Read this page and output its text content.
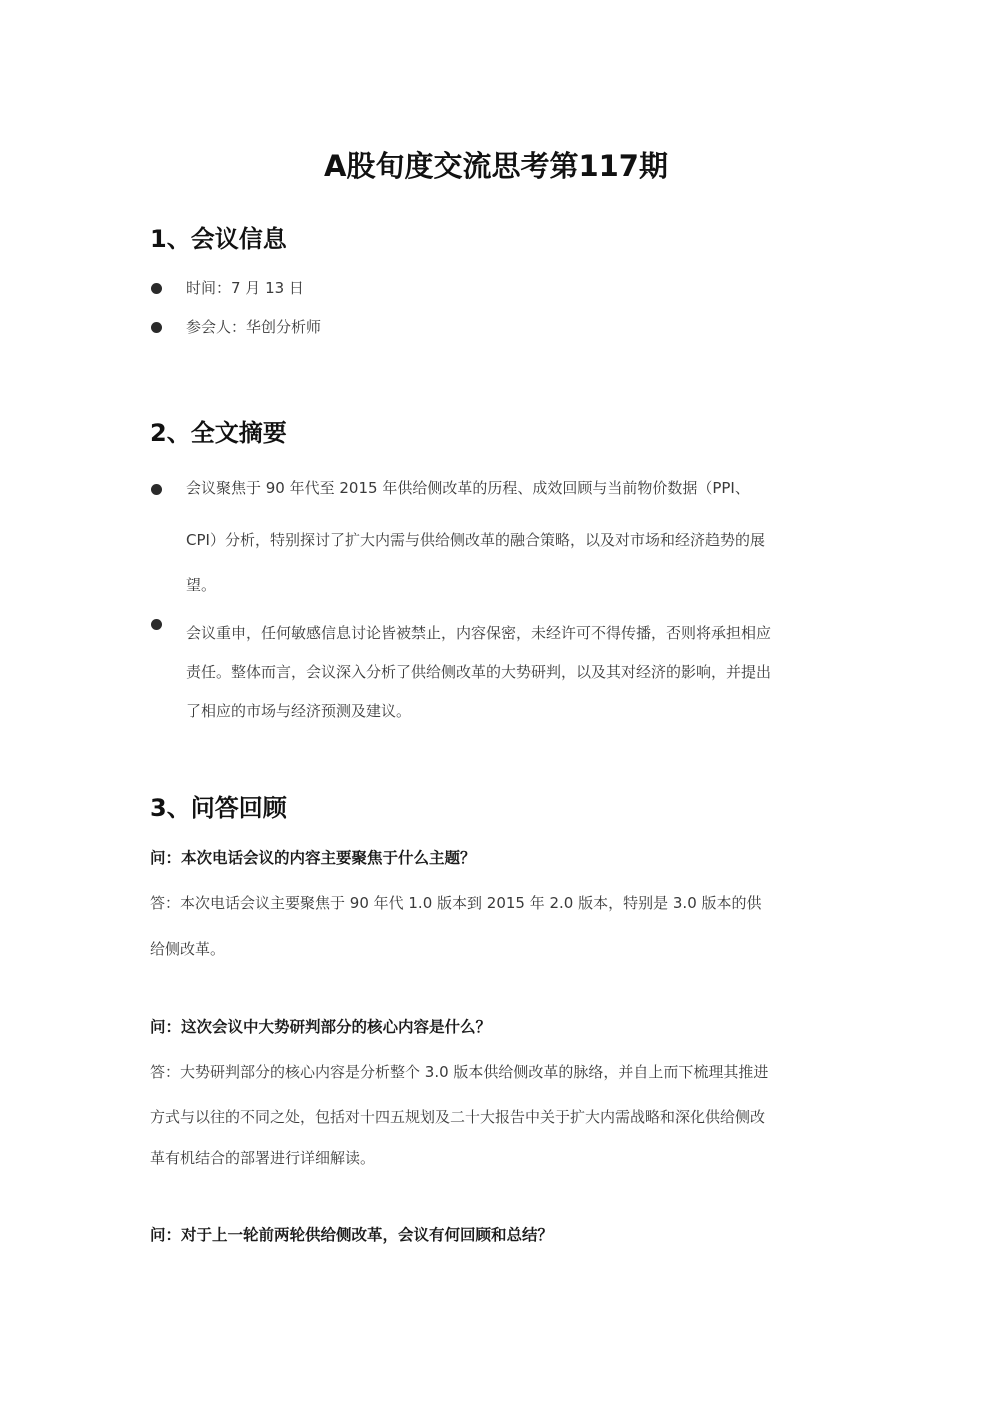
A股旬度交流思考第117期
1、会议信息
时间：7 月 13 日
参会人：华创分析师
2、全文摘要
会议聚焦于 90 年代至 2015 年供给侧改革的历程、成效回顾与当前物价数据（PPI、
CPI）分析，特别探讨了扩大内需与供给侧改革的融合策略，以及对市场和经济趋势的展
望。
会议重申，任何敏感信息讨论皆被禁止，内容保密，未经许可不得传播，否则将承担相应
责任。整体而言，会议深入分析了供给侧改革的大势研判，以及其对经济的影响，并提出
了相应的市场与经济预测及建议。
3、问答回顾
问：本次电话会议的内容主要聚焦于什么主题？
答：本次电话会议主要聚焦于 90 年代 1.0 版本到 2015 年 2.0 版本，特别是 3.0 版本的供
给侧改革。
问：这次会议中大势研判部分的核心内容是什么？
答：大势研判部分的核心内容是分析整个 3.0 版本供给侧改革的脉络，并自上而下梳理其推进
方式与以往的不同之处，包括对十四五规划及二十大报告中关于扩大内需战略和深化供给侧改
革有机结合的部署进行详细解读。
问：对于上一轮前两轮供给侧改革，会议有何回顾和总结？
